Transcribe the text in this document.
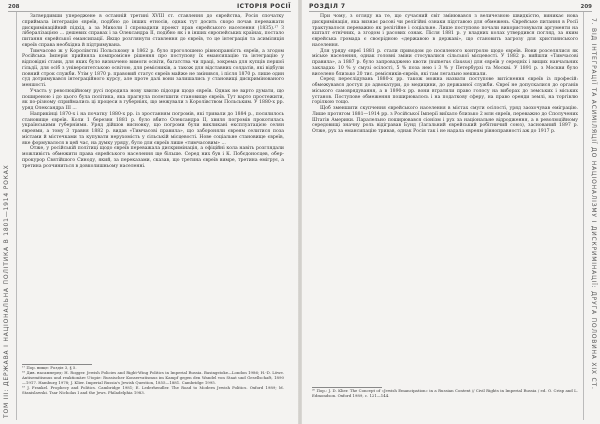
208	ІСТОРІЯ РОСІЇ
ТОМ ІІІ: ДЕРЖАВА І НАЦІОНАЛЬНА ПОЛІТИКА В 1801—1914 РОКАХ

Затвердивши упереджене в останній третині XVIII ст. ставлення до єврейства, Росія спочатку сприймала інтеграцію євреїв, подібно до інших етносів, однак тут досить скоро почав переважати дискримінаційний підхід, а за Миколи I спровадили проект прав єврейського населення (1835).¹⁷ З лібералізацією ... дешевих справах і за Олександра II, подібно як і в інших європейських країнах, постало питання єврейської емансипації. Якщо розглянути ставлення до євреїв, то це інтеграція та асиміляція євреїв справа необхідна й підтримувана.

Тимчасово ж у Королівстві Польському в 1862 р. було проголошено рівноправність євреїв, а згодом Російська Імперія прийняла компромісне рішення про поступову їх емансипацію та інтеграцію у відповідні стани, для яких було визначено вимоги освіти, багатства чи праці, зокрема для купців першої гільдії, для осіб з університетською освітою, для ремісників, а також для відставних солдатів, які відбули повний строк служби. Утім у 1870 р. правовий статус євреїв майже не змінився, і після 1870 р. лише один суд дотримувався інтеграційного курсу, але проте далі вони залишались у становищі дискримінованого меншості.

Участь у революційному русі породила нову хвилю підозри щодо євреїв. Однак не варто думати, що поширеною і до цього була політика, яка прагнула полегшити становище євреїв. Тут варто простежити, як по-різному сприймались ці процеси в губерніях, що межували з Королівством Польським. У 1880-х рр. уряд Олександра III ...

Наприкінці 1870-х і на початку 1880-х рр. із зростанням погромів, які тривали до 1884 р., посилилось становище євреїв. Коли 1 березня 1881 р. було вбито Олександра II, хвиля погромів прокотилась українськими губерніями. Уряд дійшов висновку, що погроми були викликані експлуатацією селян євреями, а тому 3 травня 1882 р. видав «Тимчасові правила», що забороняли євреям селитися поза містами й містечками та купувати нерухомість у сільській місцевості. Нове соціальне становище євреїв, яке формувалося в цей час, на думку уряду, було для євреїв лише «тимчасовим» ...

Отже, у російській політиці щодо євреїв переважала дискримінація, а офіційні кола навіть розглядали можливість обмежити права єврейського населення ще більше. Серед них був і К. Побєдоносцев, обер-прокурор Святійшого Синоду, який, за переказами, сказав, що третина євреїв вимре, третина емігрує, а третина розчиниться в довколишньому населенні.

¹⁷ Пор. вище: Розділ 3, § 5.
¹⁸ Див. насамперед: H. Rogger. Jewish Policies and Right-Wing Politics in Imperial Russia. Basingstoke—London 1986; H.-D. Löwe. Antisemitismus und reaktionäre Utopie: Russischer Konservatismus im Kampf gegen den Wandel von Staat und Gesellschaft, 1890—1917. Hamburg 1978; J. Klier. Imperial Russia's Jewish Question, 1855—1881. Cambridge 1995.
¹⁹ J. Frankel. Prophecy and Politics. Cambridge 1981; E. Lederhendler. The Road to Modern Jewish Politics. Oxford 1989; M. Stanislawski. Tsar Nicholas I and the Jews. Philadelphia 1983.
РОЗДІЛ 7	209
7. ВІД ІНТЕГРАЦІЇ ТА АСИМІЛЯЦІЇ ДО НАЦІОНАЛІЗМУ І ДИСКРИМІНАЦІЇ: ДРУГА ПОЛОВИНА XIX СТ.

При чому, з огляду на те, що сучасний світ змінювався з величезною швидкістю, виникає нова дискримінація, яка визнає расові чи релігійні ознаки підставою для обмежень. Єврейське питання в Росії трактувалося переважно як релігійне і соціальне. Лише поступово почали використовувати аргументи на кшталт етнічних, а згодом і расових ознак. Після 1881 р. у владних колах утвердився погляд, за яким єврейська громада є своєрідною «державою в державі», що становить загрозу для християнського населення.

Для уряду євреї 1881 р. стали приводом до посиленого контролю щодо євреїв. Вони розселялися як міське населення, однак головні зміни стосувалися сільської місцевості. У 1882 р. вийшли «Тимчасові правила», а 1887 р. було запроваджено квоти (numerus clausus) для євреїв у середніх і вищих навчальних закладах: 10 % у смузі осілості, 5 % поза нею і 3 % у Петербурзі та Москві. У 1891 р. з Москви було виселено близько 20 тис. ремісників-євреїв, які там легально мешкали.

Серед переслідувань 1880-х рр. також можна назвати поступове витіснення євреїв із професій: обмежувався доступ до адвокатури, до медицини, до державної служби. Євреї не допускалися до органів міського самоврядування, а в 1890-х рр. вони втратили право голосу на виборах до земських і міських установ. Поступове обмеження поширювалось і на податкову сферу, на право оренди землі, на торгівлю горілкою тощо.

Щоб зменшити скупчення єврейського населення в містах смуги осілості, уряд заохочував еміграцію. Лише протягом 1881—1914 рр. з Російської Імперії виїхало близько 2 млн євреїв, переважно до Сполучених Штатів Америки. Паралельно поширювався сіонізм і рух за національне відродження, а в революційному середовищі значну роль відігравав Бунд (Загальний єврейський робітничий союз), заснований 1897 р. Отже, рух за емансипацію тривав, однак Росія так і не надала євреям рівноправності аж до 1917 р.

²⁰ Пор.: J. D. Klier. The Concept of «Jewish Emancipation» in a Russian Context // Civil Rights in Imperial Russia / ed. O. Crisp and L. Edmondson. Oxford 1989, с. 121—144.
